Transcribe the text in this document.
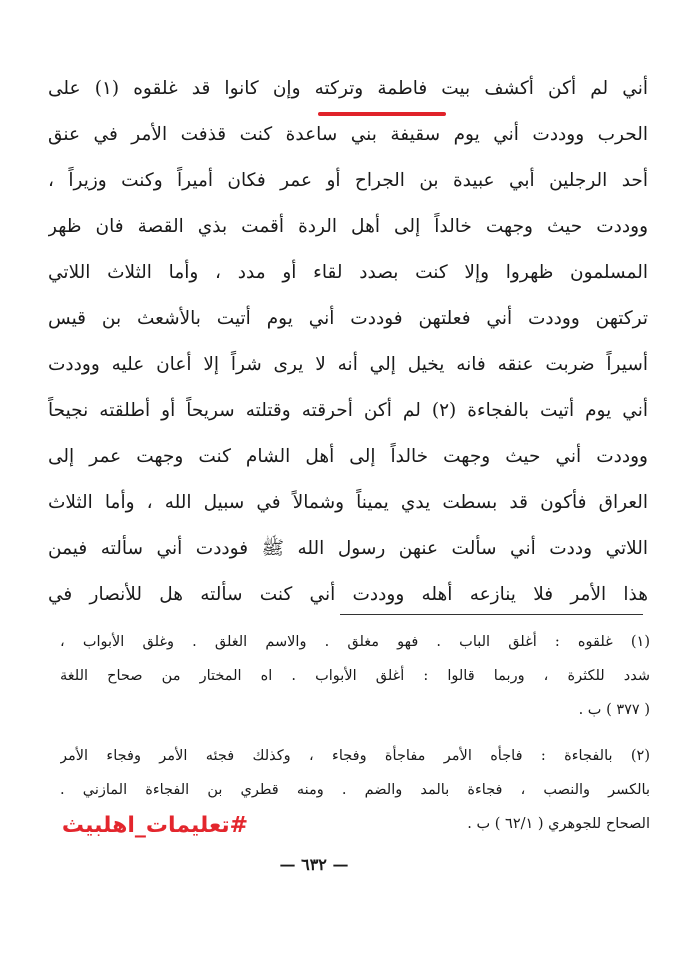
أني لم أكن أكشف بيت فاطمة وتركته وإن كانوا قد غلقوه (١) على
الحرب ووددت أني يوم سقيفة بني ساعدة كنت قذفت الأمر في عنق
أحد الرجلين أبي عبيدة بن الجراح أو عمر فكان أميراً وكنت وزيراً ،
ووددت حيث وجهت خالداً إلى أهل الردة أقمت بذي القصة فان ظهر
المسلمون ظهروا وإلا كنت بصدد لقاء أو مدد ، وأما الثلاث اللاتي
تركتهن ووددت أني فعلتهن فوددت أني يوم أتيت بالأشعث بن قيس
أسيراً ضربت عنقه فانه يخيل إلي أنه لا يرى شراً إلا أعان عليه ووددت
أني يوم أتيت بالفجاءة (٢) لم أكن أحرقته وقتلته سريحاً أو أطلقته نجيحاً
ووددت أني حيث وجهت خالداً إلى أهل الشام كنت وجهت عمر إلى
العراق فأكون قد بسطت يدي يميناً وشمالاً في سبيل الله ، وأما الثلاث
اللاتي وددت أني سألت عنهن رسول الله ﷺ فوددت أني سألته فيمن
هذا الأمر فلا ينازعه أهله ووددت أني كنت سألته هل للأنصار في
(١) غلقوه : أغلق الباب . فهو مغلق . والاسم الغلق . وغلق الأبواب ،
شدد للكثرة ، وربما قالوا : أغلق الأبواب . اه المختار من صحاح اللغة
( ٣٧٧ ) ب .
(٢) بالفجاءة : فاجأه الأمر مفاجأة وفجاء ، وكذلك فجئه الأمر وفجاء الأمر
بالكسر والنصب ، فجاءة بالمد والضم . ومنه قطري بن الفجاءة المازني .
الصحاح للجوهري ( ٦٢/١ ) ب .
#تعليمات_اهلبيث
— ٦٣٢ —
